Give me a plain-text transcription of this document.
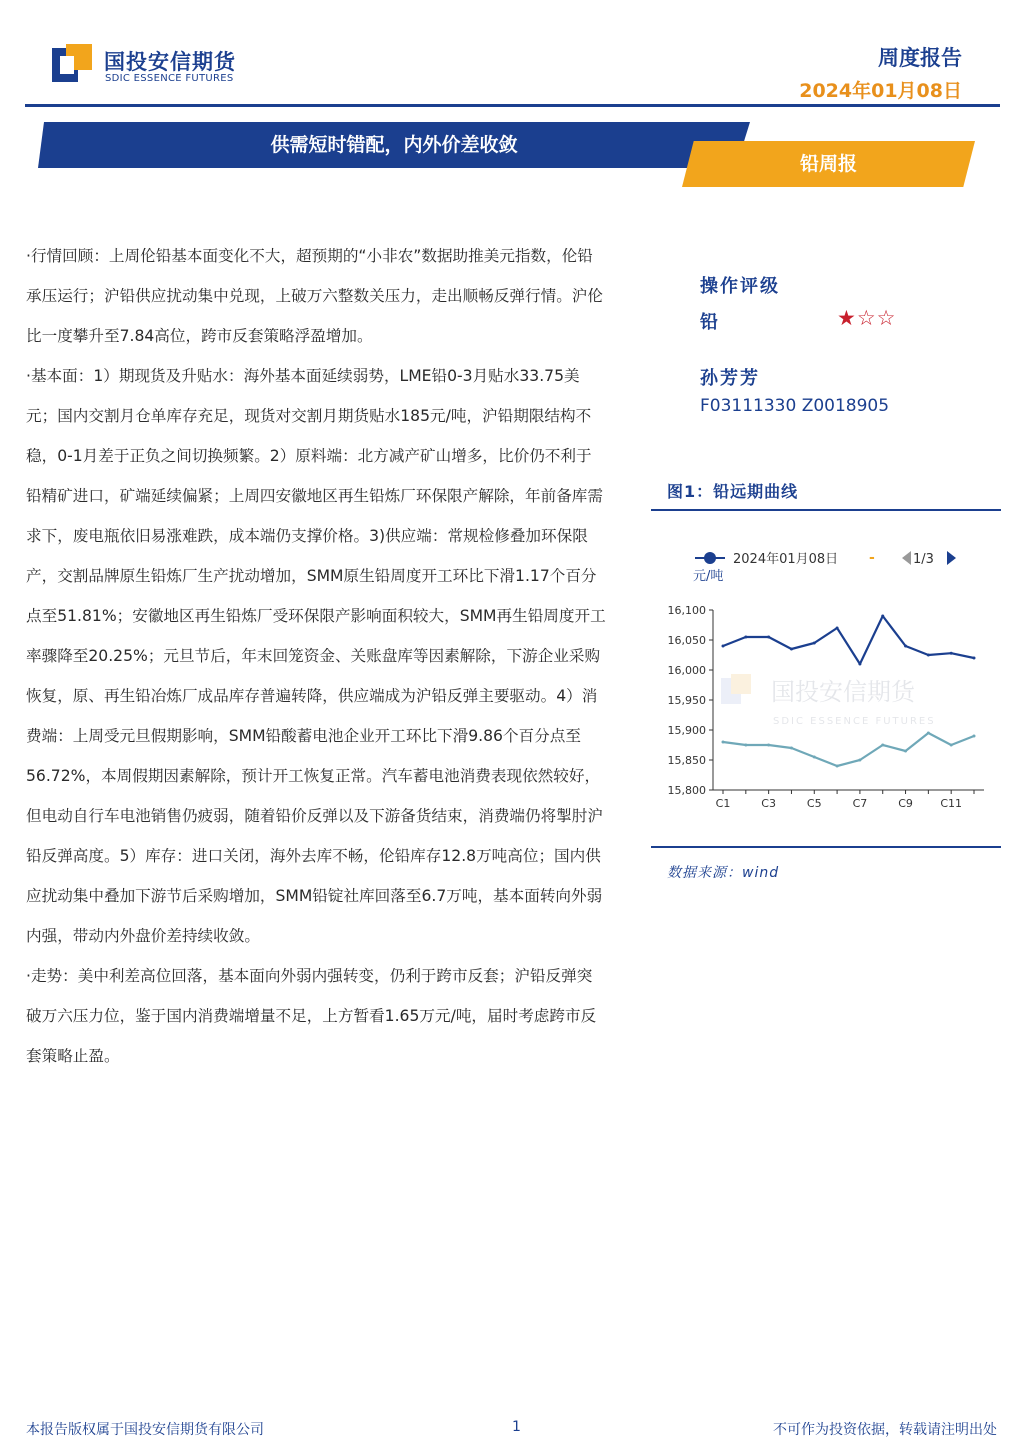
国投安信期货
SDIC ESSENCE FUTURES
周度报告
2024年01月08日
供需短时错配，内外价差收敛
铅周报

·行情回顾：上周伦铅基本面变化不大，超预期的“小非农”数据助推美元指数，伦铅承压运行；沪铅供应扰动集中兑现，上破万六整数关压力，走出顺畅反弹行情。沪伦比一度攀升至7.84高位，跨市反套策略浮盈增加。

·基本面：1）期现货及升贴水：海外基本面延续弱势，LME铅0-3月贴水33.75美元；国内交割月仓单库存充足，现货对交割月期货贴水185元/吨，沪铅期限结构不稳，0-1月差于正负之间切换频繁。2）原料端：北方减产矿山增多，比价仍不利于铅精矿进口，矿端延续偏紧；上周四安徽地区再生铅炼厂环保限产解除，年前备库需求下，废电瓶依旧易涨难跌，成本端仍支撑价格。3)供应端：常规检修叠加环保限产，交割品牌原生铅炼厂生产扰动增加，SMM原生铅周度开工环比下滑1.17个百分点至51.81%；安徽地区再生铅炼厂受环保限产影响面积较大，SMM再生铅周度开工率骤降至20.25%；元旦节后，年末回笼资金、关账盘库等因素解除，下游企业采购恢复，原、再生铅冶炼厂成品库存普遍转降，供应端成为沪铅反弹主要驱动。4）消费端：上周受元旦假期影响，SMM铅酸蓄电池企业开工环比下滑9.86个百分点至56.72%，本周假期因素解除，预计开工恢复正常。汽车蓄电池消费表现依然较好，但电动自行车电池销售仍疲弱，随着铅价反弹以及下游备货结束，消费端仍将掣肘沪铅反弹高度。5）库存：进口关闭，海外去库不畅，伦铅库存12.8万吨高位；国内供应扰动集中叠加下游节后采购增加，SMM铅锭社库回落至6.7万吨，基本面转向外弱内强，带动内外盘价差持续收敛。

·走势：美中利差高位回落，基本面向外弱内强转变，仍利于跨市反套；沪铅反弹突破万六压力位，鉴于国内消费端增量不足，上方暂看1.65万元/吨，届时考虑跨市反套策略止盈。

操作评级
铅	★☆☆
孙芳芳
F03111330 Z0018905
图1：铅远期曲线
国投安信期货
SDIC ESSENCE FUTURES
2024年01月08日 -	1/3
元/吨
15,800
15,850
15,900
15,950
16,000
16,050
16,100
C1	C3	C5	C7	C9 C11
数据来源：wind
本报告版权属于国投安信期货有限公司	1	不可作为投资依据，转载请注明出处
